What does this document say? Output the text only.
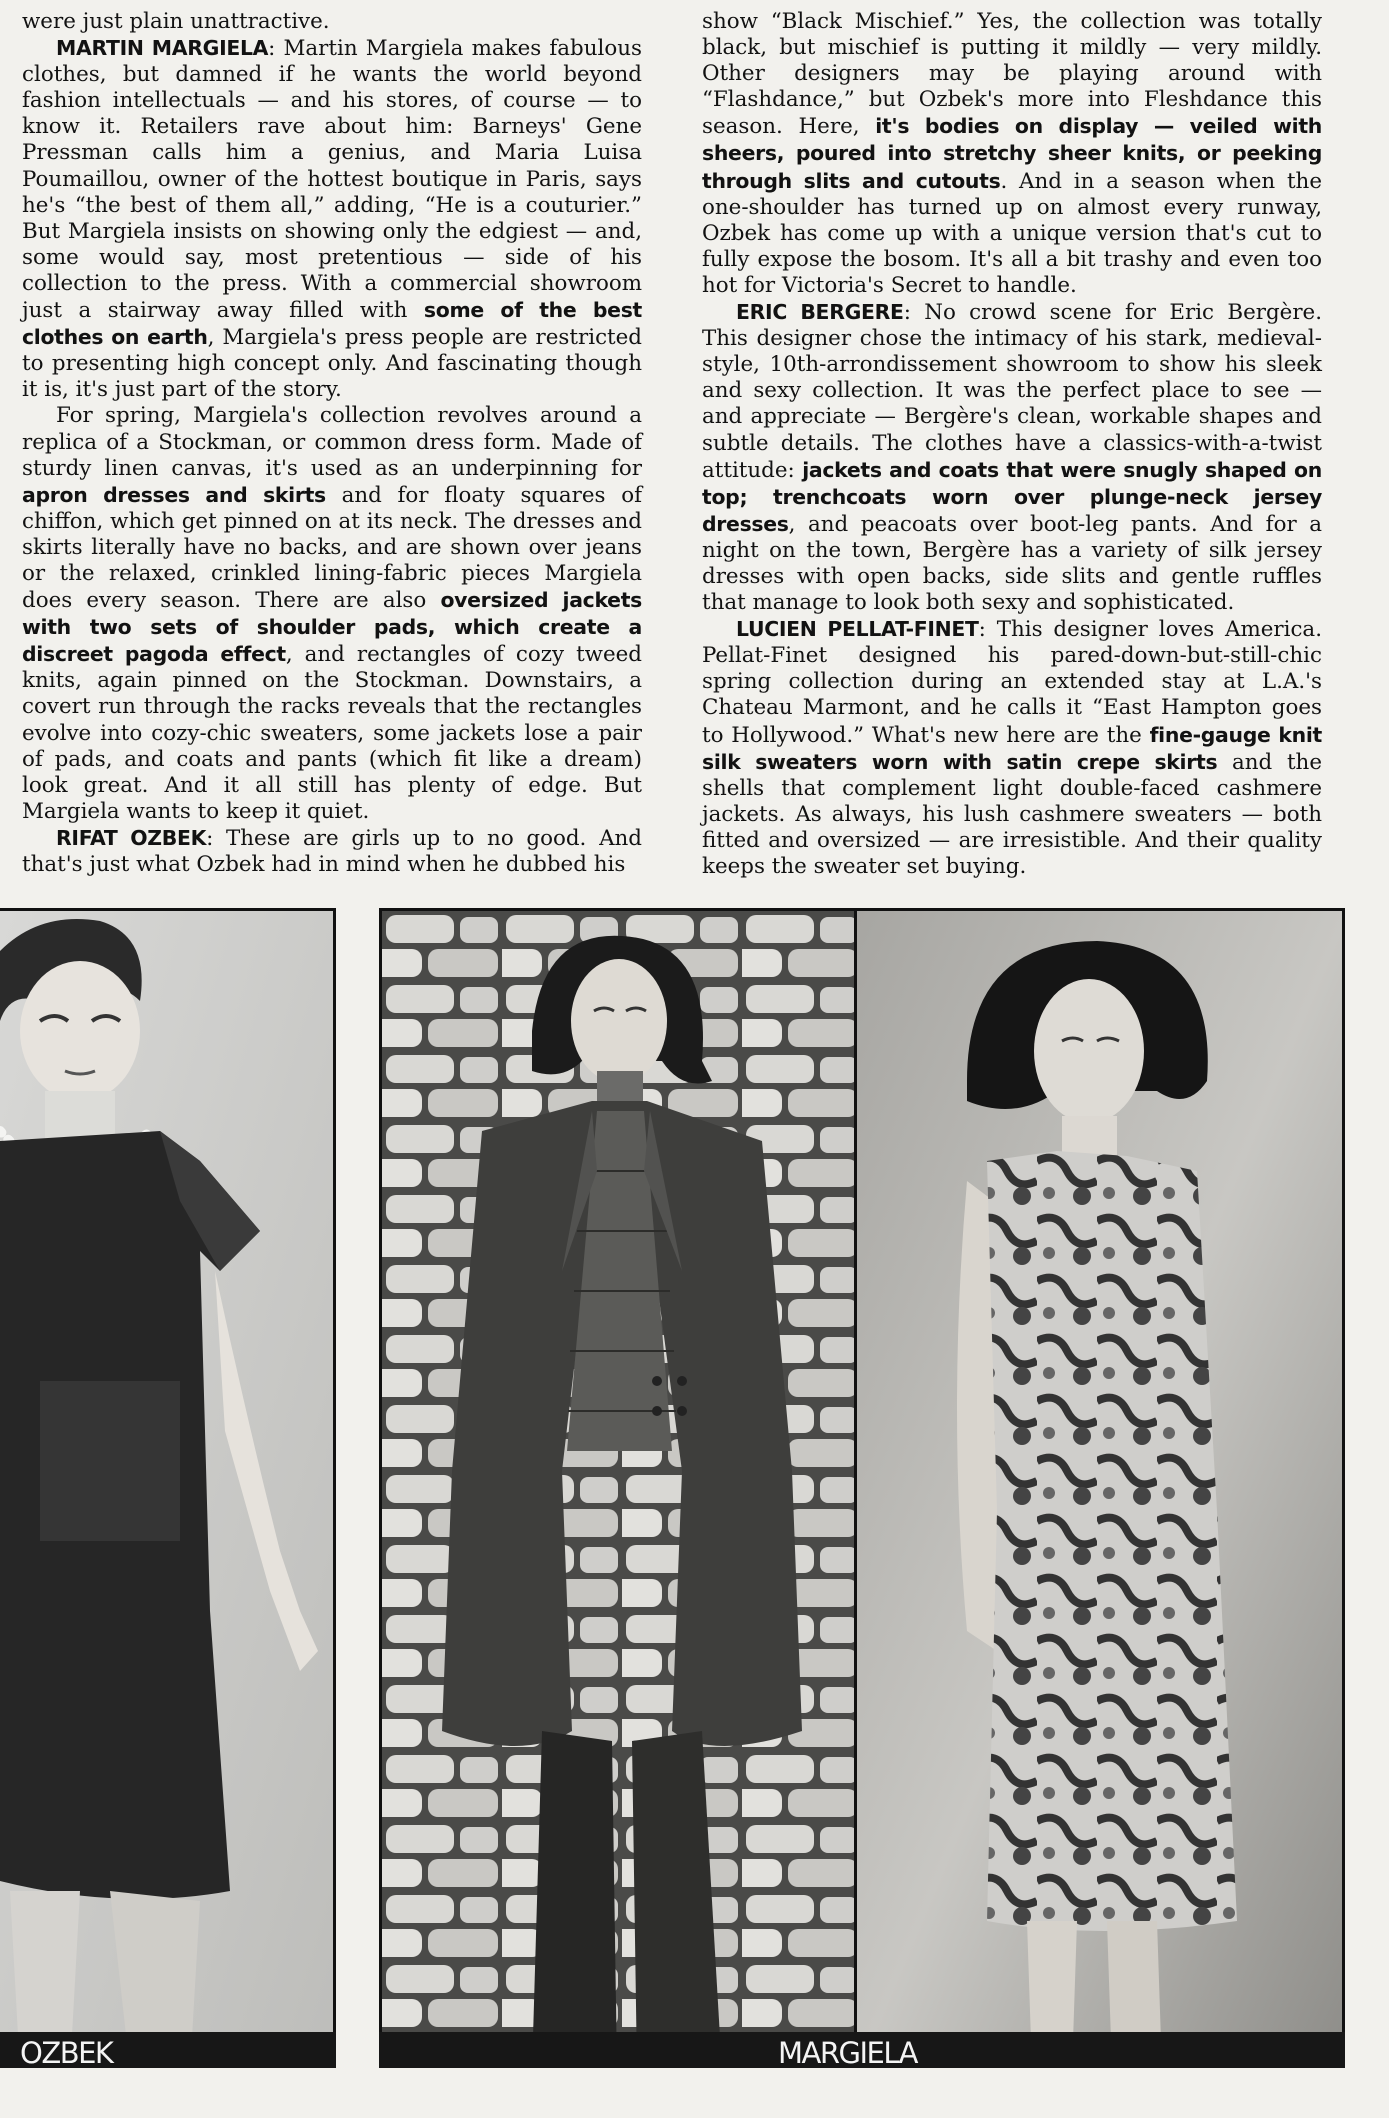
were just plain unattractive.

MARTIN MARGIELA: Martin Margiela makes fabulous clothes, but damned if he wants the world beyond fashion intellectuals — and his stores, of course — to know it. Retailers rave about him: Barneys' Gene Pressman calls him a genius, and Maria Luisa Poumaillou, owner of the hottest boutique in Paris, says he's “the best of them all,” adding, “He is a couturier.” But Margiela insists on showing only the edgiest — and, some would say, most pretentious — side of his collection to the press. With a commercial showroom just a stairway away filled with some of the best clothes on earth, Margiela's press people are restricted to presenting high concept only. And fascinating though it is, it's just part of the story.

For spring, Margiela's collection revolves around a replica of a Stockman, or common dress form. Made of sturdy linen canvas, it's used as an underpinning for apron dresses and skirts and for floaty squares of chiffon, which get pinned on at its neck. The dresses and skirts literally have no backs, and are shown over jeans or the relaxed, crinkled lining-fabric pieces Margiela does every season. There are also oversized jackets with two sets of shoulder pads, which create a discreet pagoda effect, and rectangles of cozy tweed knits, again pinned on the Stockman. Downstairs, a covert run through the racks reveals that the rectangles evolve into cozy-chic sweaters, some jackets lose a pair of pads, and coats and pants (which fit like a dream) look great. And it all still has plenty of edge. But Margiela wants to keep it quiet.

RIFAT OZBEK: These are girls up to no good. And that's just what Ozbek had in mind when he dubbed his

show “Black Mischief.” Yes, the collection was totally black, but mischief is putting it mildly — very mildly. Other designers may be playing around with “Flashdance,” but Ozbek's more into Fleshdance this season. Here, it's bodies on display — veiled with sheers, poured into stretchy sheer knits, or peeking through slits and cutouts. And in a season when the one-shoulder has turned up on almost every runway, Ozbek has come up with a unique version that's cut to fully expose the bosom. It's all a bit trashy and even too hot for Victoria's Secret to handle.

ERIC BERGERE: No crowd scene for Eric Bergère. This designer chose the intimacy of his stark, medieval-style, 10th-arrondissement showroom to show his sleek and sexy collection. It was the perfect place to see — and appreciate — Bergère's clean, workable shapes and subtle details. The clothes have a classics-with-a-twist attitude: jackets and coats that were snugly shaped on top; trenchcoats worn over plunge-neck jersey dresses, and peacoats over boot-leg pants. And for a night on the town, Bergère has a variety of silk jersey dresses with open backs, side slits and gentle ruffles that manage to look both sexy and sophisticated.

LUCIEN PELLAT-FINET: This designer loves America. Pellat-Finet designed his pared-down-but-still-chic spring collection during an extended stay at L.A.'s Chateau Marmont, and he calls it “East Hampton goes to Hollywood.” What's new here are the fine-gauge knit silk sweaters worn with satin crepe skirts and the shells that complement light double-faced cashmere jackets. As always, his lush cashmere sweaters — both fitted and oversized — are irresistible. And their quality keeps the sweater set buying.

OZBEK	MARGIELA
